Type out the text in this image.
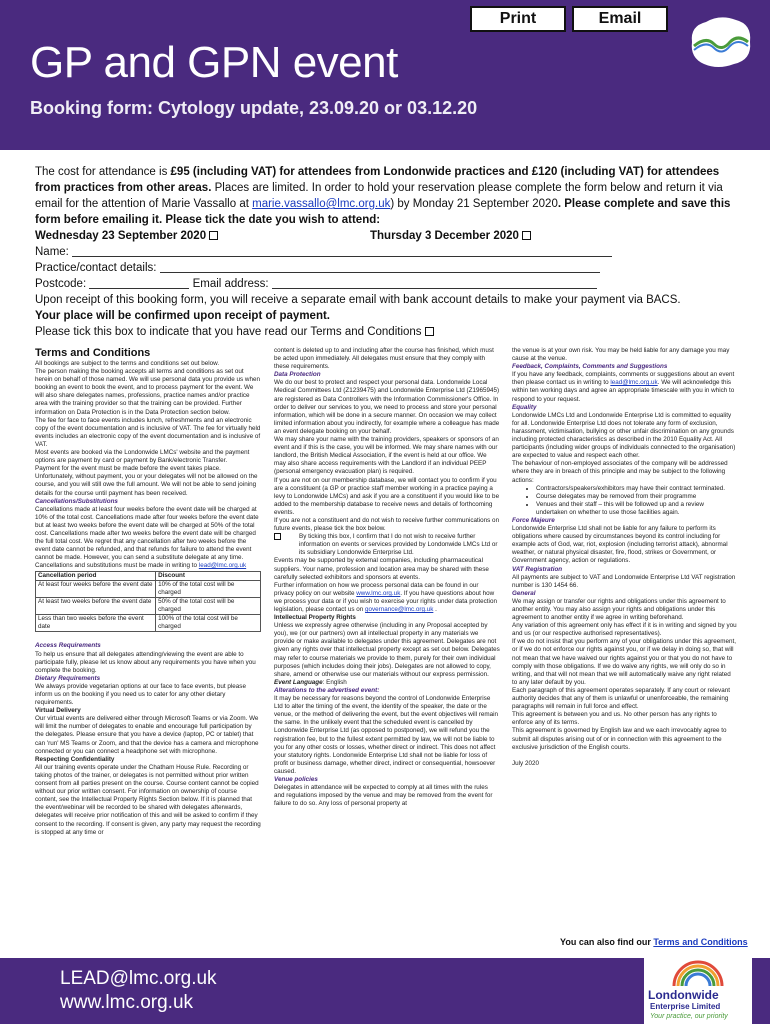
Print	Email
GP and GPN event
Booking form: Cytology update, 23.09.20 or 03.12.20

The cost for attendance is £95 (including VAT) for attendees from Londonwide practices and £120 (including VAT) for attendees from practices from other areas. Places are limited. In order to hold your reservation please complete the form below and return it via email for the attention of Marie Vassallo at marie.vassallo@lmc.org.uk) by Monday 21 September 2020. Please complete and save this form before emailing it. Please tick the date you wish to attend:

Wednesday 23 September 2020	Thursday 3 December 2020

Name:

Practice/contact details:

Postcode:	Email address:

Upon receipt of this booking form, you will receive a separate email with bank account details to make your payment via BACS.

Your place will be confirmed upon receipt of payment.

Please tick this box to indicate that you have read our Terms and Conditions

Terms and Conditions

All bookings are subject to the terms and conditions set out below.

The person making the booking accepts all terms and conditions as set out herein on behalf of those named. We will use personal data you provide us when booking an event to book the event, and to process payment for the event. We will also share delegates names, professions, practice names and/or practice area with the training provider so that the training can be provided. Further information on Data Protection is in the Data Protection section below.

The fee for face to face events includes lunch, refreshments and an electronic copy of the event documentation and is inclusive of VAT. The fee for virtually held events includes an electronic copy of the event documentation and is inclusive of VAT.

Most events are booked via the Londonwide LMCs' website and the payment options are payment by card or payment by Bank/electronic Transfer.

Payment for the event must be made before the event takes place. Unfortunately, without payment, you or your delegates will not be allowed on the course, and you will still owe the full amount. We will not be able to send joining details for the course until payment has been received.

Cancellations/Substitutions

Cancellations made at least four weeks before the event date will be charged at 10% of the total cost. Cancellations made after four weeks before the event date but at least two weeks before the event date will be charged at 50% of the total cost. Cancellations made after two weeks before the event date will be charged the full total cost. We regret that any cancellation after two weeks before the event date cannot be refunded, and that refunds for failure to attend the event cannot be made. However, you can send a substitute delegate at any time. Cancellations and substitutions must be made in writing to lead@lmc.org.uk

Cancellation period	Discount
At least four weeks before the event date	10% of the total cost will be charged
At least two weeks before the event date	50% of the total cost will be charged
Less than two weeks before the event date	100% of the total cost will be charged

Access Requirements

To help us ensure that all delegates attending/viewing the event are able to participate fully, please let us know about any requirements you have when you complete the booking.

Dietary Requirements

We always provide vegetarian options at our face to face events, but please inform us on the booking if you need us to cater for any other dietary requirements.

Virtual Delivery

Our virtual events are delivered either through Microsoft Teams or via Zoom. We will limit the number of delegates to enable and encourage full participation by the delegates. Please ensure that you have a device (laptop, PC or tablet) that can 'run' MS Teams or Zoom, and that the device has a camera and microphone connected or you can connect a headphone set with microphone.

Respecting Confidentiality

All our training events operate under the Chatham House Rule. Recording or taking photos of the trainer, or delegates is not permitted without prior written consent from all parties present on the course. Course content cannot be copied without our prior written consent. For information on ownership of course content, see the Intellectual Property Rights Section below. If it is planned that the event/webinar will be recorded to be shared with delegates afterwards, delegates will receive prior notification of this and will be asked to confirm if they consent to the recording. If consent is given, any party may request the recording is stopped at any time or

content is deleted up to and including after the course has finished, which must be acted upon immediately. All delegates must ensure that they comply with these requirements.

Data Protection

We do our best to protect and respect your personal data. Londonwide Local Medical Committees Ltd (Z1239475) and Londonwide Enterprise Ltd (Z1965945) are registered as Data Controllers with the Information Commissioner's Office. In order to deliver our services to you, we need to process and store your personal information, which will be done in a secure manner. On occasion we may collect limited information about you indirectly, for example where a colleague has made an event delegate booking on your behalf.

We may share your name with the training providers, speakers or sponsors of an event and if this is the case, you will be informed. We may share names with our landlord, the British Medical Association, if the event is held at our office. We may also share access requirements with the Landlord if an individual PEEP (personal emergency evacuation plan) is required.

If you are not on our membership database, we will contact you to confirm if you are a constituent (a GP or practice staff member working in a practice paying a levy to Londonwide LMCs) and ask if you are a constituent if you would like to be added to the membership database to receive news and details of forthcoming events.

If you are not a constituent and do not wish to receive further communications on future events, please tick the box below.

By ticking this box, I confirm that I do not wish to receive further information on events or services provided by Londonwide LMCs Ltd or its subsidiary Londonwide Enterprise Ltd.

Events may be supported by external companies, including pharmaceutical suppliers. Your name, profession and location area may be shared with these carefully selected exhibitors and sponsors at events.

Further information on how we process personal data can be found in our privacy policy on our website www.lmc.org.uk. If you have questions about how we process your data or if you wish to exercise your rights under data protection legislation, please contact us on governance@lmc.org.uk .

Intellectual Property Rights

Unless we expressly agree otherwise (including in any Proposal accepted by you), we (or our partners) own all intellectual property in any materials we provide or make available to delegates under this agreement. Delegates are not given any rights over that intellectual property except as set out below. Delegates may refer to course materials we provide to them, purely for their own individual purposes (which includes doing their jobs). Delegates are not allowed to copy, share, amend or otherwise use our materials without our express permission.

Event Language: English

Alterations to the advertised event:

It may be necessary for reasons beyond the control of Londonwide Enterprise Ltd to alter the timing of the event, the identity of the speaker, the date or the venue, or the method of delivering the event, but the event objectives will remain the same. In the unlikely event that the scheduled event is cancelled by Londonwide Enterprise Ltd (as opposed to postponed), we will refund you the registration fee, but to the fullest extent permitted by law, we will not be liable to you for any other costs or losses, whether direct or indirect. This does not affect your statutory rights. Londonwide Enterprise Ltd shall not be liable for loss of profit or business damage, whether direct, indirect or consequential, howsoever caused.

Venue policies

Delegates in attendance will be expected to comply at all times with the rules and regulations imposed by the venue and may be removed from the event for failure to do so. Any loss of personal property at

the venue is at your own risk. You may be held liable for any damage you may cause at the venue.

Feedback, Complaints, Comments and Suggestions

If you have any feedback, complaints, comments or suggestions about an event then please contact us in writing to lead@lmc.org.uk. We will acknowledge this within ten working days and agree an appropriate timescale with you in which to respond to your request.

Equality

Londonwide LMCs Ltd and Londonwide Enterprise Ltd is committed to equality for all. Londonwide Enterprise Ltd does not tolerate any form of exclusion, harassment, victimisation, bullying or other unfair discrimination on any grounds including protected characteristics as described in the 2010 Equality Act. All participants (including wider groups of individuals connected to the organisation) are expected to value and respect each other.

The behaviour of non-employed associates of the company will be addressed where they are in breach of this principle and may be subject to the following actions:

• Contractors/speakers/exhibitors may have their contract terminated.
• Course delegates may be removed from their programme
• Venues and their staff – this will be followed up and a review undertaken on whether to use those facilities again.

Force Majeure

Londonwide Enterprise Ltd shall not be liable for any failure to perform its obligations where caused by circumstances beyond its control including for example acts of God, war, riot, explosion (including terrorist attack), abnormal weather, or natural physical disaster, fire, flood, strikes or Government, or Government agency, action or regulations.

VAT Registration

All payments are subject to VAT and Londonwide Enterprise Ltd VAT registration number is 130 1454 66.

General

We may assign or transfer our rights and obligations under this agreement to another entity. You may also assign your rights and obligations under this agreement to another entity if we agree in writing beforehand.

Any variation of this agreement only has effect if it is in writing and signed by you and us (or our respective authorised representatives).

If we do not insist that you perform any of your obligations under this agreement, or if we do not enforce our rights against you, or if we delay in doing so, that will not mean that we have waived our rights against you or that you do not have to comply with those obligations. If we do waive any rights, we will only do so in writing, and that will not mean that we will automatically waive any right related to any later default by you.

Each paragraph of this agreement operates separately. If any court or relevant authority decides that any of them is unlawful or unenforceable, the remaining paragraphs will remain in full force and effect.

This agreement is between you and us. No other person has any rights to enforce any of its terms.

This agreement is governed by English law and we each irrevocably agree to submit all disputes arising out of or in connection with this agreement to the exclusive jurisdiction of the English courts.

July 2020

You can also find our Terms and Conditions
LEAD@lmc.org.uk
www.lmc.org.uk	Londonwide
Enterprise Limited
Your practice, our priority
